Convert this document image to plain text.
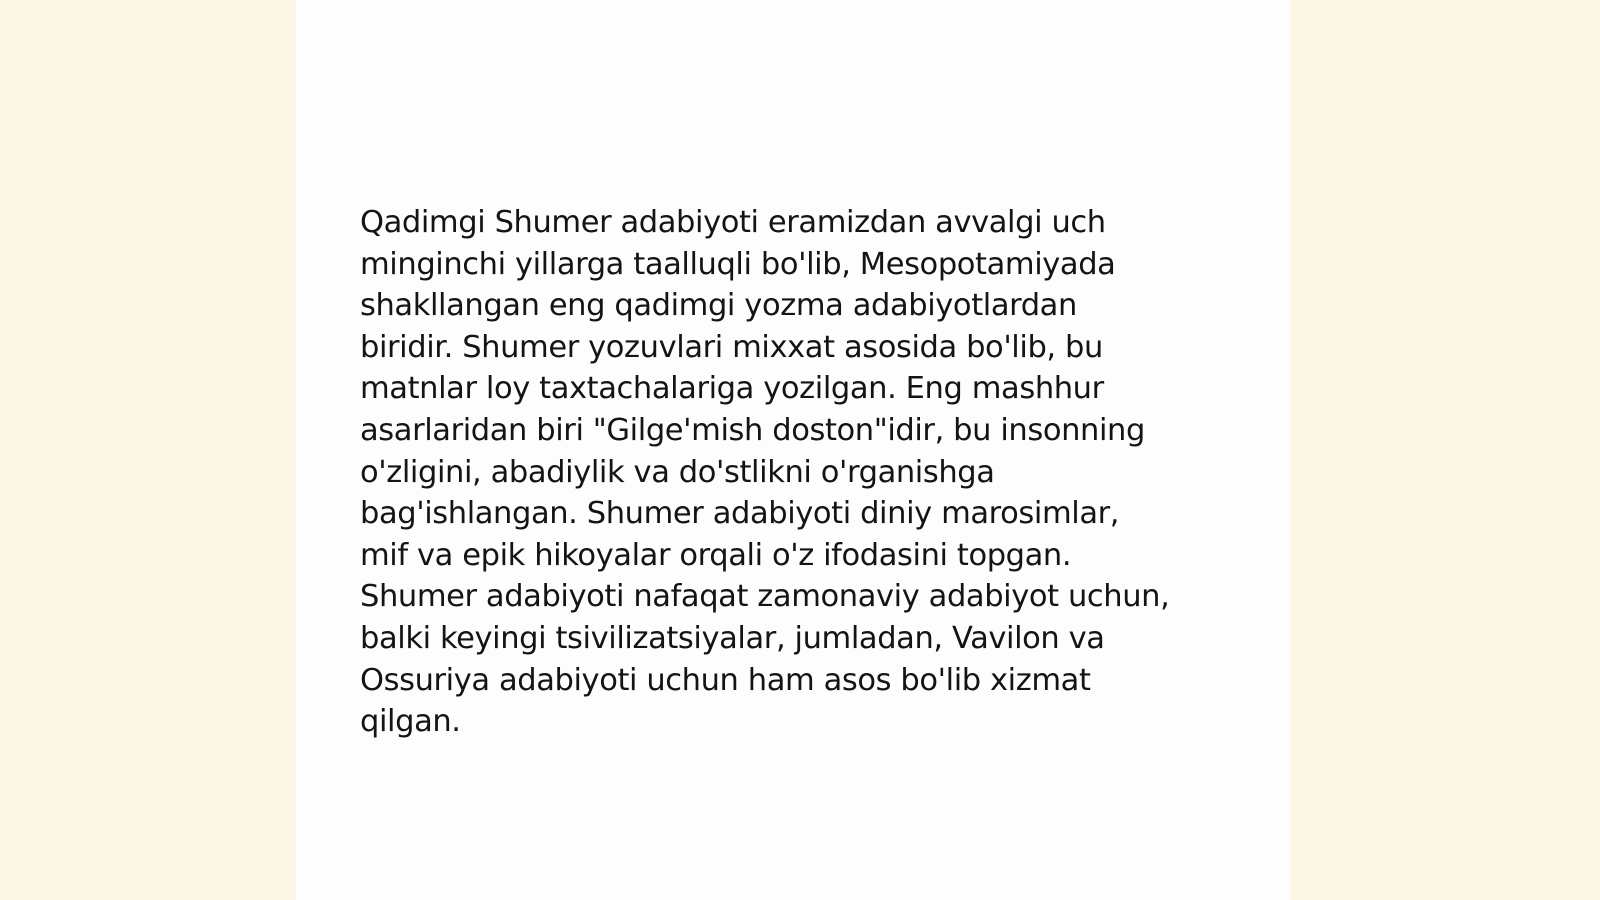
Qadimgi Shumer adabiyoti eramizdan avvalgi uch
minginchi yillarga taalluqli bo'lib, Mesopotamiyada
shakllangan eng qadimgi yozma adabiyotlardan
biridir. Shumer yozuvlari mixxat asosida bo'lib, bu
matnlar loy taxtachalariga yozilgan. Eng mashhur
asarlaridan biri "Gilge'mish doston"idir, bu insonning
o'zligini, abadiylik va do'stlikni o'rganishga
bag'ishlangan. Shumer adabiyoti diniy marosimlar,
mif va epik hikoyalar orqali o'z ifodasini topgan.
Shumer adabiyoti nafaqat zamonaviy adabiyot uchun,
balki keyingi tsivilizatsiyalar, jumladan, Vavilon va
Ossuriya adabiyoti uchun ham asos bo'lib xizmat
qilgan.
